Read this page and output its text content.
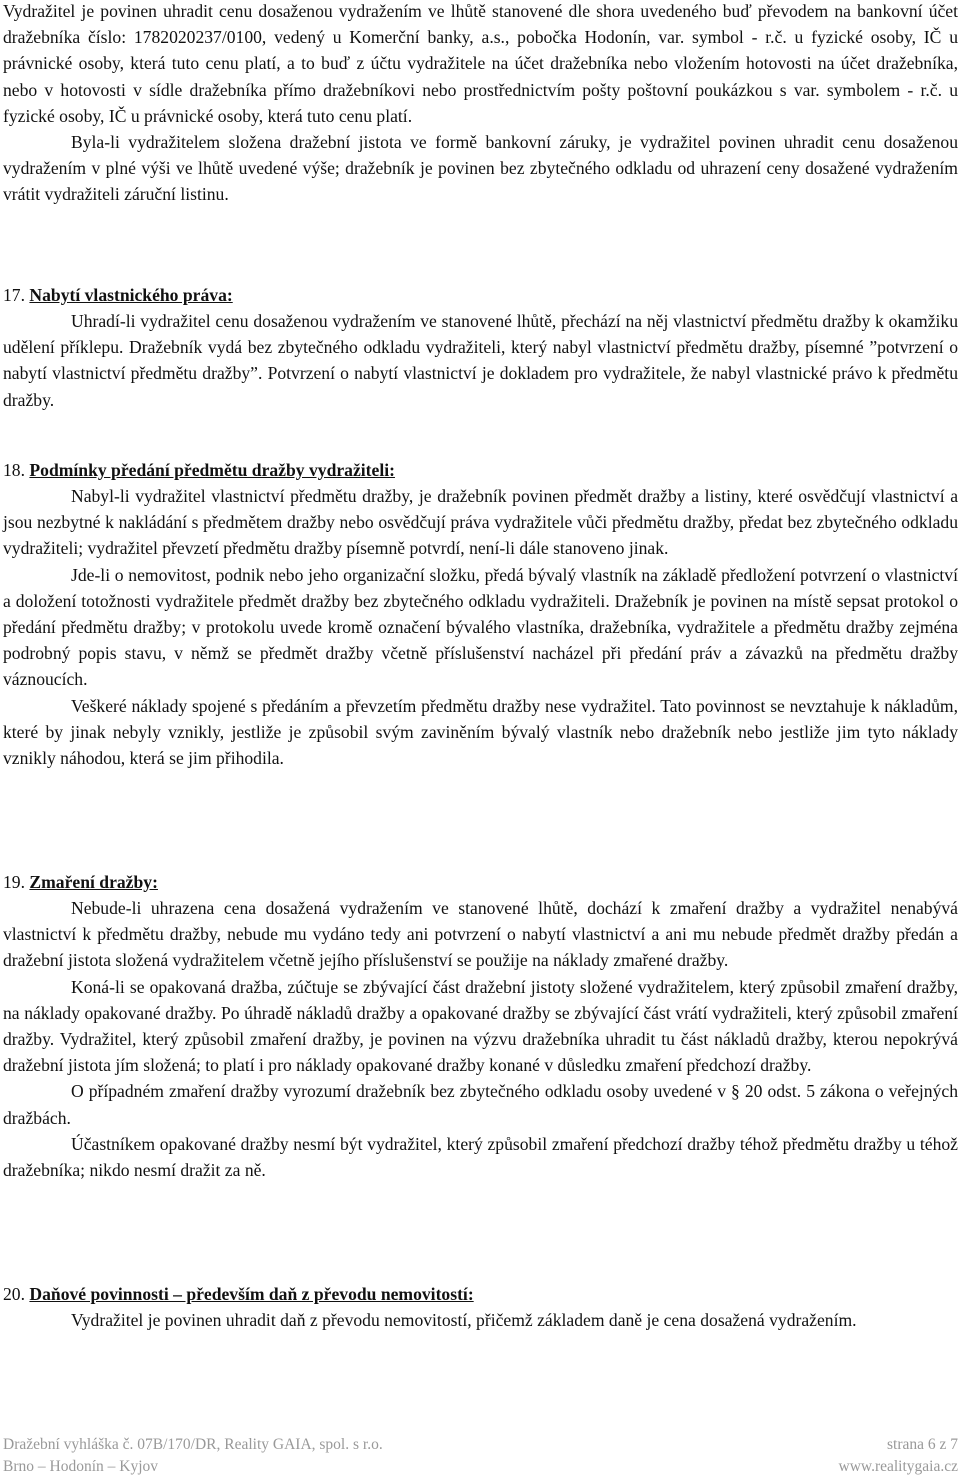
Vydražitel je povinen uhradit cenu dosaženou vydražením ve lhůtě stanovené dle shora uvedeného buď převodem na bankovní účet dražebníka číslo: 1782020237/0100, vedený u Komerční banky, a.s., pobočka Hodonín, var. symbol - r.č. u fyzické osoby, IČ u právnické osoby, která tuto cenu platí, a to buď z účtu vydražitele na účet dražebníka nebo vložením hotovosti na účet dražebníka, nebo v hotovosti v sídle dražebníka přímo dražebníkovi nebo prostřednictvím pošty poštovní poukázkou s var. symbolem - r.č. u fyzické osoby, IČ u právnické osoby, která tuto cenu platí.

Byla-li vydražitelem složena dražební jistota ve formě bankovní záruky, je vydražitel povinen uhradit cenu dosaženou vydražením v plné výši ve lhůtě uvedené výše; dražebník je povinen bez zbytečného odkladu od uhrazení ceny dosažené vydražením vrátit vydražiteli záruční listinu.

17. Nabytí vlastnického práva:

Uhradí-li vydražitel cenu dosaženou vydražením ve stanovené lhůtě, přechází na něj vlastnictví předmětu dražby k okamžiku udělení příklepu. Dražebník vydá bez zbytečného odkladu vydražiteli, který nabyl vlastnictví předmětu dražby, písemné ”potvrzení o nabytí vlastnictví předmětu dražby”. Potvrzení o nabytí vlastnictví je dokladem pro vydražitele, že nabyl vlastnické právo k předmětu dražby.

18. Podmínky předání předmětu dražby vydražiteli:

Nabyl-li vydražitel vlastnictví předmětu dražby, je dražebník povinen předmět dražby a listiny, které osvědčují vlastnictví a jsou nezbytné k nakládání s předmětem dražby nebo osvědčují práva vydražitele vůči předmětu dražby, předat bez zbytečného odkladu vydražiteli; vydražitel převzetí předmětu dražby písemně potvrdí, není-li dále stanoveno jinak.

Jde-li o nemovitost, podnik nebo jeho organizační složku, předá bývalý vlastník na základě předložení potvrzení o vlastnictví a doložení totožnosti vydražitele předmět dražby bez zbytečného odkladu vydražiteli. Dražebník je povinen na místě sepsat protokol o předání předmětu dražby; v protokolu uvede kromě označení bývalého vlastníka, dražebníka, vydražitele a předmětu dražby zejména podrobný popis stavu, v němž se předmět dražby včetně příslušenství nacházel při předání práv a závazků na předmětu dražby váznoucích.

Veškeré náklady spojené s předáním a převzetím předmětu dražby nese vydražitel. Tato povinnost se nevztahuje k nákladům, které by jinak nebyly vznikly, jestliže je způsobil svým zaviněním bývalý vlastník nebo dražebník nebo jestliže jim tyto náklady vznikly náhodou, která se jim přihodila.

19. Zmaření dražby:

Nebude-li uhrazena cena dosažená vydražením ve stanovené lhůtě, dochází k zmaření dražby a vydražitel nenabývá vlastnictví k předmětu dražby, nebude mu vydáno tedy ani potvrzení o nabytí vlastnictví a ani mu nebude předmět dražby předán a dražební jistota složená vydražitelem včetně jejího příslušenství se použije na náklady zmařené dražby.

Koná-li se opakovaná dražba, zúčtuje se zbývající část dražební jistoty složené vydražitelem, který způsobil zmaření dražby, na náklady opakované dražby. Po úhradě nákladů dražby a opakované dražby se zbývající část vrátí vydražiteli, který způsobil zmaření dražby. Vydražitel, který způsobil zmaření dražby, je povinen na výzvu dražebníka uhradit tu část nákladů dražby, kterou nepokrývá dražební jistota jím složená; to platí i pro náklady opakované dražby konané v důsledku zmaření předchozí dražby.

O případném zmaření dražby vyrozumí dražebník bez zbytečného odkladu osoby uvedené v § 20 odst. 5 zákona o veřejných dražbách.

Účastníkem opakované dražby nesmí být vydražitel, který způsobil zmaření předchozí dražby téhož předmětu dražby u téhož dražebníka; nikdo nesmí dražit za ně.

20. Daňové povinnosti – především daň z převodu nemovitostí:

Vydražitel je povinen uhradit daň z převodu nemovitostí, přičemž základem daně je cena dosažená vydražením.

Dražební vyhláška č. 07B/170/DR, Reality GAIA, spol. s r.o.	strana 6 z 7
Brno – Hodonín – Kyjov	www.realitygaia.cz
